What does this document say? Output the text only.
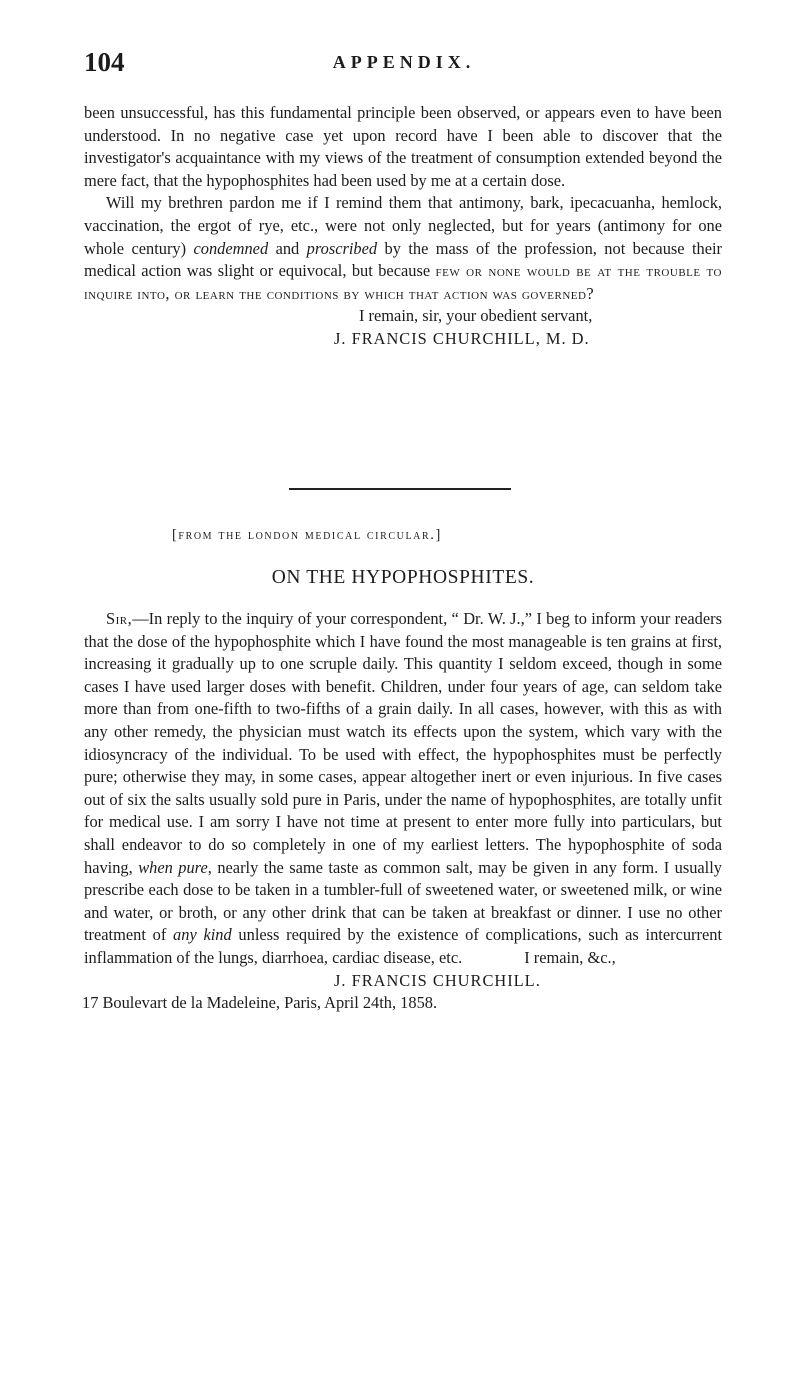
104	APPENDIX.

been unsuccessful, has this fundamental principle been observed, or appears even to have been understood. In no negative case yet upon record have I been able to discover that the investigator's acquaintance with my views of the treatment of consumption extended beyond the mere fact, that the hypophosphites had been used by me at a certain dose.

Will my brethren pardon me if I remind them that antimony, bark, ipecacuanha, hemlock, vaccination, the ergot of rye, etc., were not only neglected, but for years (antimony for one whole century) condemned and proscribed by the mass of the profession, not because their medical action was slight or equivocal, but because few or none would be at the trouble to inquire into, or learn the conditions by which that action was governed?

I remain, sir, your obedient servant,

J. FRANCIS CHURCHILL, M. D.

[from the london medical circular.]

ON THE HYPOPHOSPHITES.

Sir,—In reply to the inquiry of your correspondent, “ Dr. W. J.,” I beg to inform your readers that the dose of the hypophosphite which I have found the most manageable is ten grains at first, increasing it gradually up to one scruple daily. This quantity I seldom exceed, though in some cases I have used larger doses with benefit. Children, under four years of age, can seldom take more than from one-fifth to two-fifths of a grain daily. In all cases, however, with this as with any other remedy, the physician must watch its effects upon the system, which vary with the idiosyncracy of the individual. To be used with effect, the hypophosphites must be perfectly pure; otherwise they may, in some cases, appear altogether inert or even injurious. In five cases out of six the salts usually sold pure in Paris, under the name of hypophosphites, are totally unfit for medical use. I am sorry I have not time at present to enter more fully into particulars, but shall endeavor to do so completely in one of my earliest letters. The hypophosphite of soda having, when pure, nearly the same taste as common salt, may be given in any form. I usually prescribe each dose to be taken in a tumbler-full of sweetened water, or sweetened milk, or wine and water, or broth, or any other drink that can be taken at breakfast or dinner. I use no other treatment of any kind unless required by the existence of complications, such as intercurrent inflammation of the lungs, diarrhoea, cardiac disease, etc.	I remain, &c.,

J. FRANCIS CHURCHILL.

17 Boulevart de la Madeleine, Paris, April 24th, 1858.
